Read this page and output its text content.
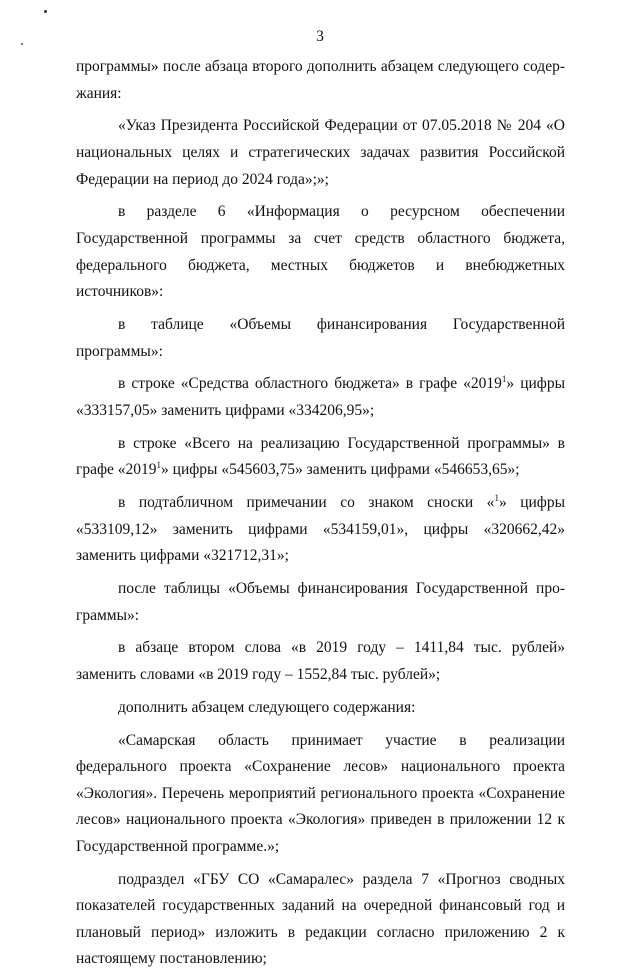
3

программы» после абзаца второго дополнить абзацем следующего содержания:

«Указ Президента Российской Федерации от 07.05.2018 № 204 «О национальных целях и стратегических задачах развития Российской Федерации на период до 2024 года»;»;

в разделе 6 «Информация о ресурсном обеспечении Государственной программы за счет средств областного бюджета, федерального бюджета, местных бюджетов и внебюджетных источников»:

в таблице «Объемы финансирования Государственной программы»:

в строке «Средства областного бюджета» в графе «2019$^1$» цифры «333157,05» заменить цифрами «334206,95»;

в строке «Всего на реализацию Государственной программы» в графе «2019$^1$» цифры «545603,75» заменить цифрами «546653,65»;

в подтабличном примечании со знаком сноски «$^1$» цифры «533109,12» заменить цифрами «534159,01», цифры «320662,42» заменить цифрами «321712,31»;

после таблицы «Объемы финансирования Государственной программы»:

в абзаце втором слова «в 2019 году – 1411,84 тыс. рублей» заменить словами «в 2019 году – 1552,84 тыс. рублей»;

дополнить абзацем следующего содержания:

«Самарская область принимает участие в реализации федерального проекта «Сохранение лесов» национального проекта «Экология». Перечень мероприятий регионального проекта «Сохранение лесов» национального проекта «Экология» приведен в приложении 12 к Государственной программе.»;

подраздел «ГБУ СО «Самаралес» раздела 7 «Прогноз сводных показателей государственных заданий на очередной финансовый год и плановый период» изложить в редакции согласно приложению 2 к настоящему постановлению;
